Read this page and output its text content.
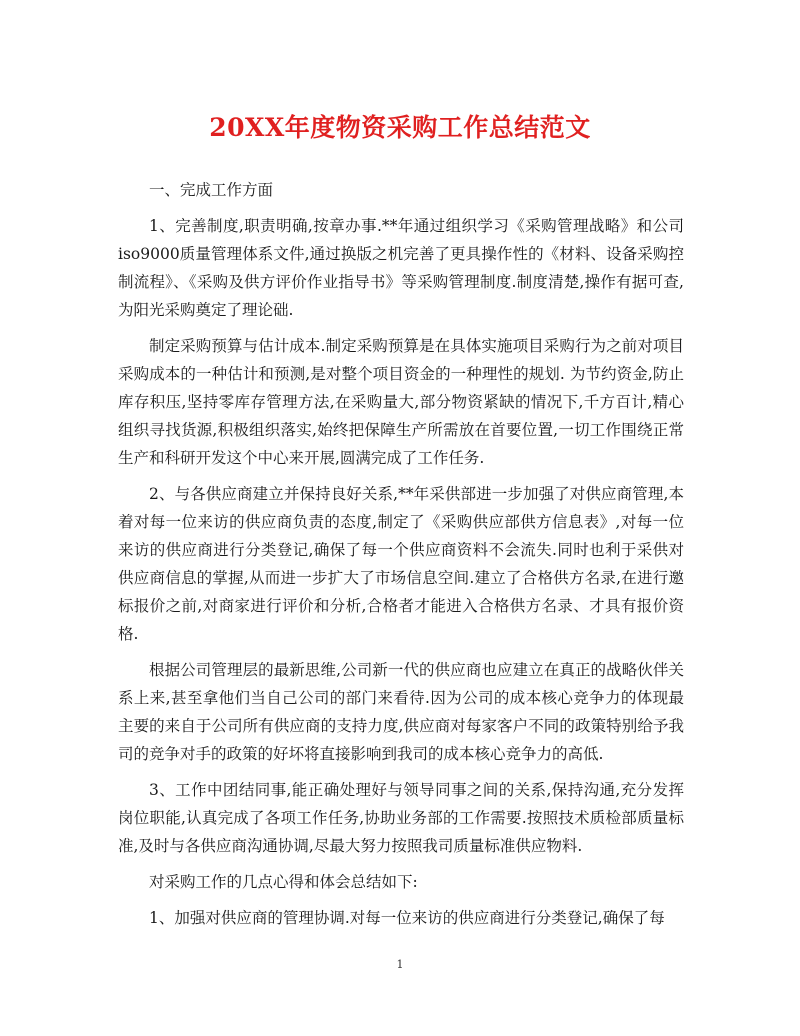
20XX年度物资采购工作总结范文

一、完成工作方面

1、完善制度,职责明确,按章办事.**年通过组织学习《采购管理战略》和公司iso9000质量管理体系文件,通过换版之机完善了更具操作性的《材料、设备采购控制流程》、《采购及供方评价作业指导书》等采购管理制度.制度清楚,操作有据可查,为阳光采购奠定了理论础.

制定采购预算与估计成本.制定采购预算是在具体实施项目采购行为之前对项目采购成本的一种估计和预测,是对整个项目资金的一种理性的规划. 为节约资金,防止库存积压,坚持零库存管理方法,在采购量大,部分物资紧缺的情况下,千方百计,精心组织寻找货源,积极组织落实,始终把保障生产所需放在首要位置,一切工作围绕正常生产和科研开发这个中心来开展,圆满完成了工作任务.

2、与各供应商建立并保持良好关系,**年采供部进一步加强了对供应商管理,本着对每一位来访的供应商负责的态度,制定了《采购供应部供方信息表》,对每一位来访的供应商进行分类登记,确保了每一个供应商资料不会流失.同时也利于采供对供应商信息的掌握,从而进一步扩大了市场信息空间.建立了合格供方名录,在进行邀标报价之前,对商家进行评价和分析,合格者才能进入合格供方名录、才具有报价资格.

根据公司管理层的最新思维,公司新一代的供应商也应建立在真正的战略伙伴关系上来,甚至拿他们当自己公司的部门来看待.因为公司的成本核心竞争力的体现最主要的来自于公司所有供应商的支持力度,供应商对每家客户不同的政策特别给予我司的竞争对手的政策的好坏将直接影响到我司的成本核心竞争力的高低.

3、工作中团结同事,能正确处理好与领导同事之间的关系,保持沟通,充分发挥岗位职能,认真完成了各项工作任务,协助业务部的工作需要.按照技术质检部质量标准,及时与各供应商沟通协调,尽最大努力按照我司质量标准供应物料.

对采购工作的几点心得和体会总结如下:

1、加强对供应商的管理协调.对每一位来访的供应商进行分类登记,确保了每

1
